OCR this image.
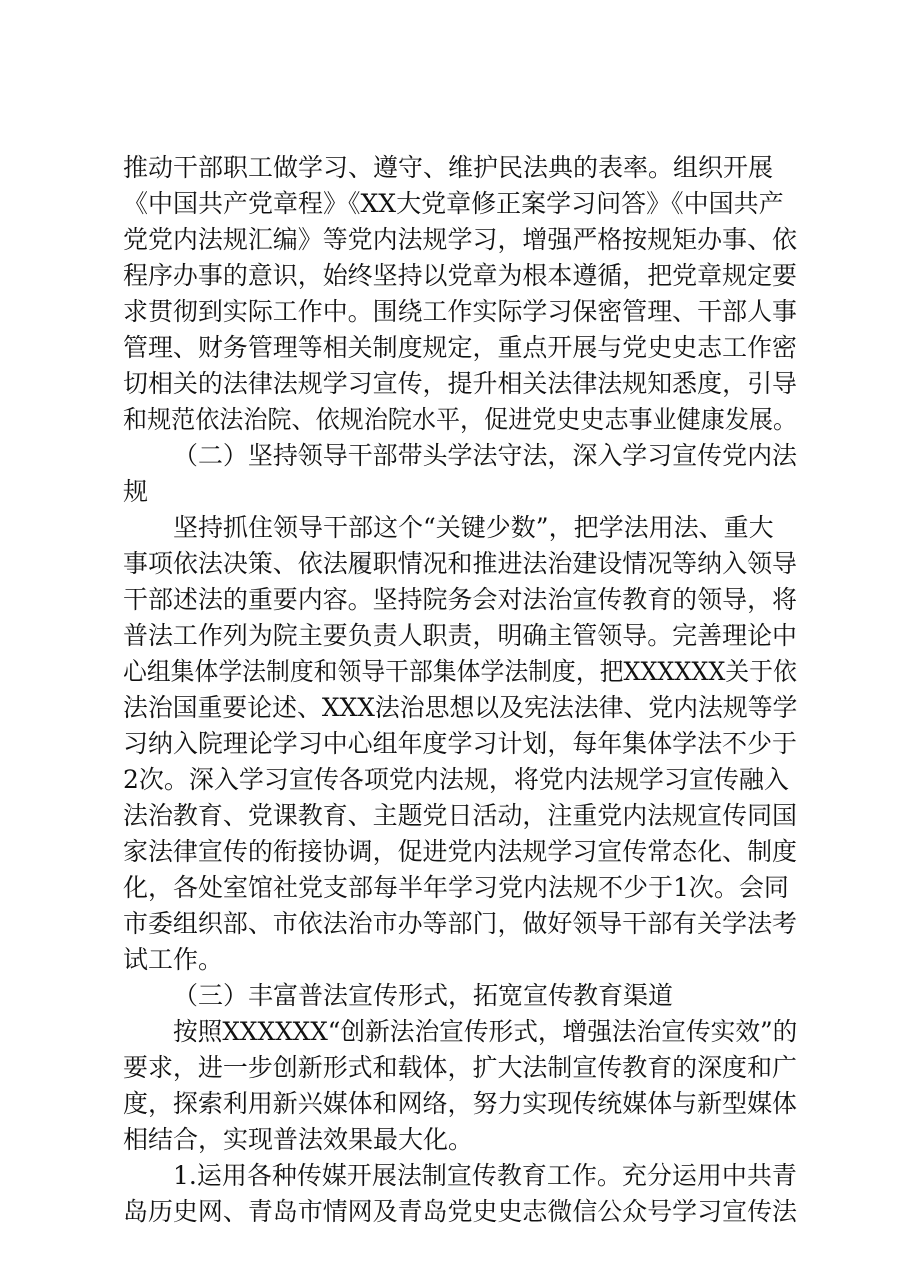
推动干部职工做学习、遵守、维护民法典的表率。组织开展

《中国共产党章程》《XX大党章修正案学习问答》《中国共产

党党内法规汇编》等党内法规学习，增强严格按规矩办事、依

程序办事的意识，始终坚持以党章为根本遵循，把党章规定要

求贯彻到实际工作中。围绕工作实际学习保密管理、干部人事

管理、财务管理等相关制度规定，重点开展与党史史志工作密

切相关的法律法规学习宣传，提升相关法律法规知悉度，引导

和规范依法治院、依规治院水平，促进党史史志事业健康发展。

（二）坚持领导干部带头学法守法，深入学习宣传党内法

规

坚持抓住领导干部这个“关键少数”，把学法用法、重大

事项依法决策、依法履职情况和推进法治建设情况等纳入领导

干部述法的重要内容。坚持院务会对法治宣传教育的领导，将

普法工作列为院主要负责人职责，明确主管领导。完善理论中

心组集体学法制度和领导干部集体学法制度，把XXXXXX关于依

法治国重要论述、XXX法治思想以及宪法法律、党内法规等学

习纳入院理论学习中心组年度学习计划，每年集体学法不少于

2次。深入学习宣传各项党内法规，将党内法规学习宣传融入

法治教育、党课教育、主题党日活动，注重党内法规宣传同国

家法律宣传的衔接协调，促进党内法规学习宣传常态化、制度

化，各处室馆社党支部每半年学习党内法规不少于1次。会同

市委组织部、市依法治市办等部门，做好领导干部有关学法考

试工作。

（三）丰富普法宣传形式，拓宽宣传教育渠道

按照XXXXXX“创新法治宣传形式，增强法治宣传实效”的

要求，进一步创新形式和载体，扩大法制宣传教育的深度和广

度，探索利用新兴媒体和网络，努力实现传统媒体与新型媒体

相结合，实现普法效果最大化。

1.运用各种传媒开展法制宣传教育工作。充分运用中共青

岛历史网、青岛市情网及青岛党史史志微信公众号学习宣传法
